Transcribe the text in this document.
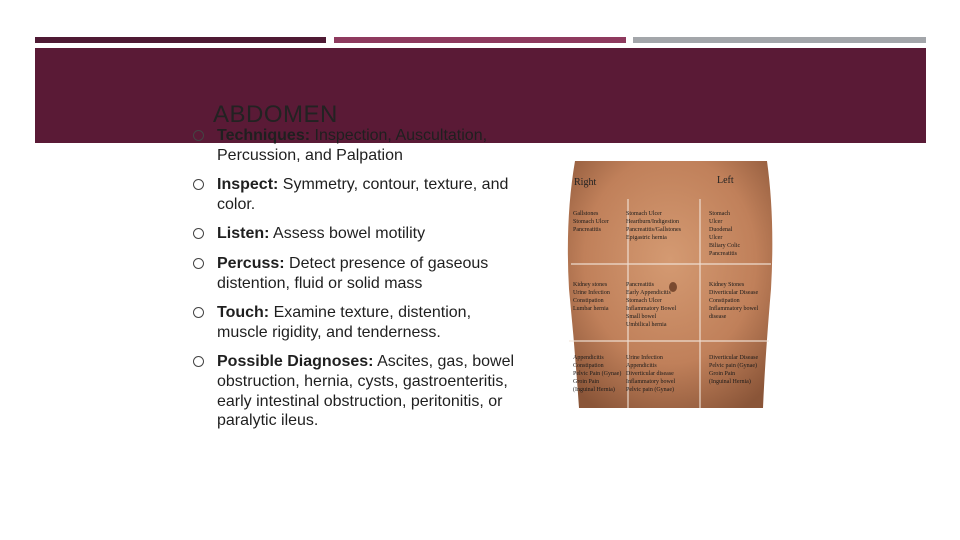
ABDOMEN
Techniques: Inspection, Auscultation, Percussion, and Palpation
Inspect: Symmetry, contour, texture, and color.
Listen: Assess bowel motility
Percuss: Detect presence of gaseous distention, fluid or solid mass
Touch: Examine texture, distention, muscle rigidity, and tenderness.
Possible Diagnoses: Ascites, gas, bowel obstruction, hernia, cysts, gastroenteritis, early intestinal obstruction, peritonitis, or paralytic ileus.
Right	Left
Gallstones Stomach Ulcer Pancreatitis
Stomach Ulcer Heartburn/Indigestion Pancreatitis/Gallstones Epigastric hernia
Stomach Ulcer Duodenal Ulcer Biliary Colic Pancreatitis
Kidney stones Urine Infection Constipation Lumbar hernia
Pancreatitis Early Appendicitis Stomach Ulcer Inflammatory Bowel Small bowel Umbilical hernia
Kidney Stones Diverticular Disease Constipation Inflammatory bowel disease
Appendicitis Constipation Pelvic Pain (Gynae) Groin Pain (Inguinal Hernia)
Urine Infection Appendicitis Diverticular disease Inflammatory bowel Pelvic pain (Gynae)
Diverticular Disease Pelvic pain (Gynae) Groin Pain (Inguinal Hernia)
